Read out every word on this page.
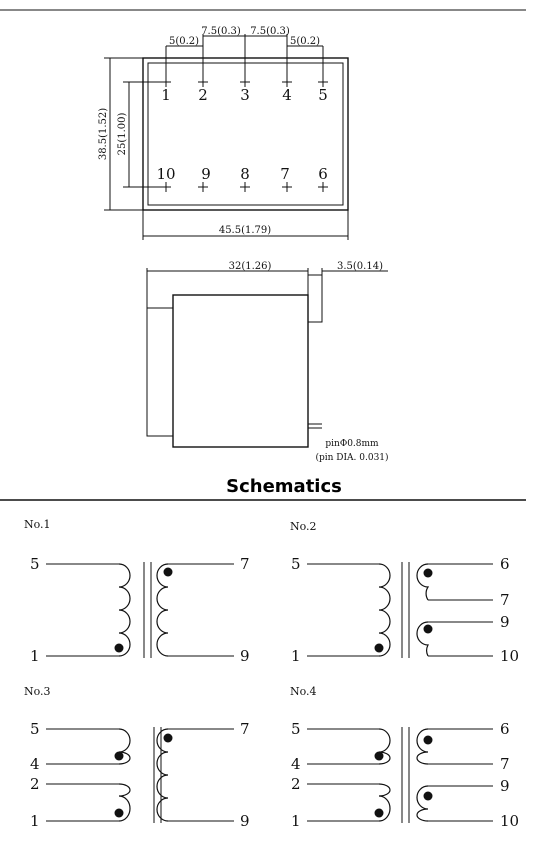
1 2 3 4 5
10 9 8 7 6
7.5(0.3) 7.5(0.3)
5(0.2)	5(0.2)
38.5(1.52) 25(1.00)
45.5(1.79)
32(1.26)	3.5(0.14)
pinΦ0.8mm
(pin DIA. 0.031)
Schematics
No.1
5
1
7
9
No.2
5
1
6
7
9
10
No.3
5
4
2
1
7
9
No.4
5
4
2
1
6
7
9
10
